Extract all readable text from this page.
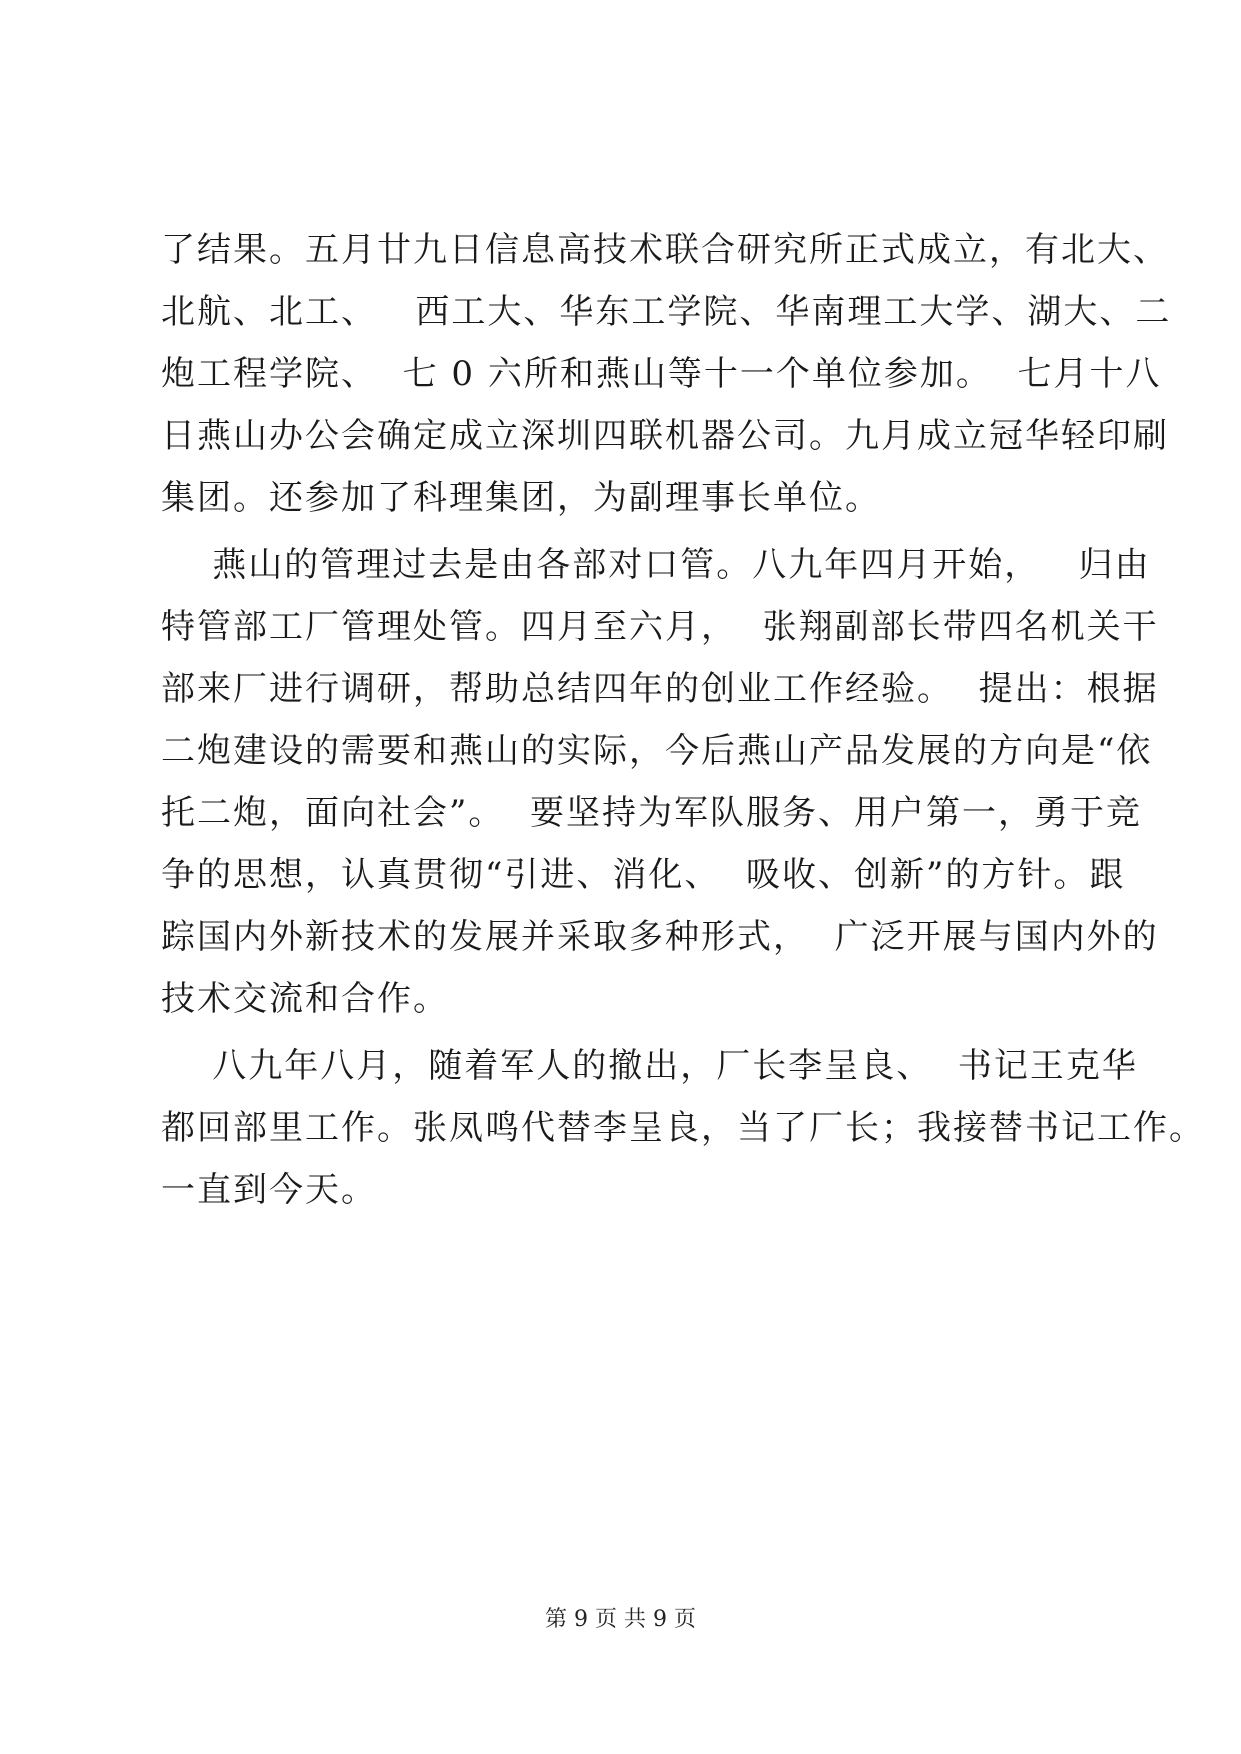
了结果。五月廿九日信息高技术联合研究所正式成立，有北大、
北航、北工、   西工大、华东工学院、华南理工大学、湖大、二
炮工程学院、  七 0 六所和燕山等十一个单位参加。  七月十八
日燕山办公会确定成立深圳四联机器公司。九月成立冠华轻印刷
集团。还参加了科理集团，为副理事长单位。
燕山的管理过去是由各部对口管。八九年四月开始，   归由
特管部工厂管理处管。四月至六月，  张翔副部长带四名机关干
部来厂进行调研，帮助总结四年的创业工作经验。  提出：根据
二炮建设的需要和燕山的实际，今后燕山产品发展的方向是“依
托二炮，面向社会”。  要坚持为军队服务、用户第一，勇于竞
争的思想，认真贯彻“引进、消化、  吸收、创新”的方针。跟
踪国内外新技术的发展并采取多种形式，  广泛开展与国内外的
技术交流和合作。
八九年八月，随着军人的撤出，厂长李呈良、  书记王克华
都回部里工作。张凤鸣代替李呈良，当了厂长；我接替书记工作。
一直到今天。
第 9 页 共 9 页
